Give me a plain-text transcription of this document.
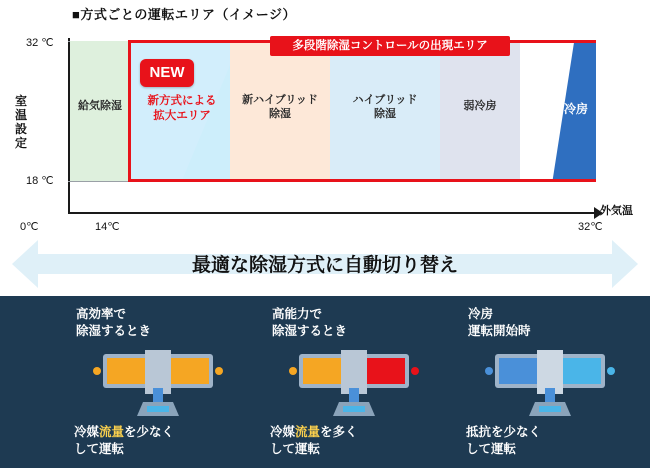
■方式ごとの運転エリア（イメージ）
室温設定
32 ℃
18 ℃
給気除湿	新ハイブリッド
除湿
ハイブリッド
除湿
弱冷房	冷房
NEW
新方式による
拡大エリア
多段階除湿コントロールの出現エリア
0℃	14℃	32℃
外気温
最適な除湿方式に自動切り替え
高効率で
除湿するとき
冷媒流量を少なく
して運転
高能力で
除湿するとき
冷媒流量を多く
して運転
冷房
運転開始時
抵抗を少なく
して運転
